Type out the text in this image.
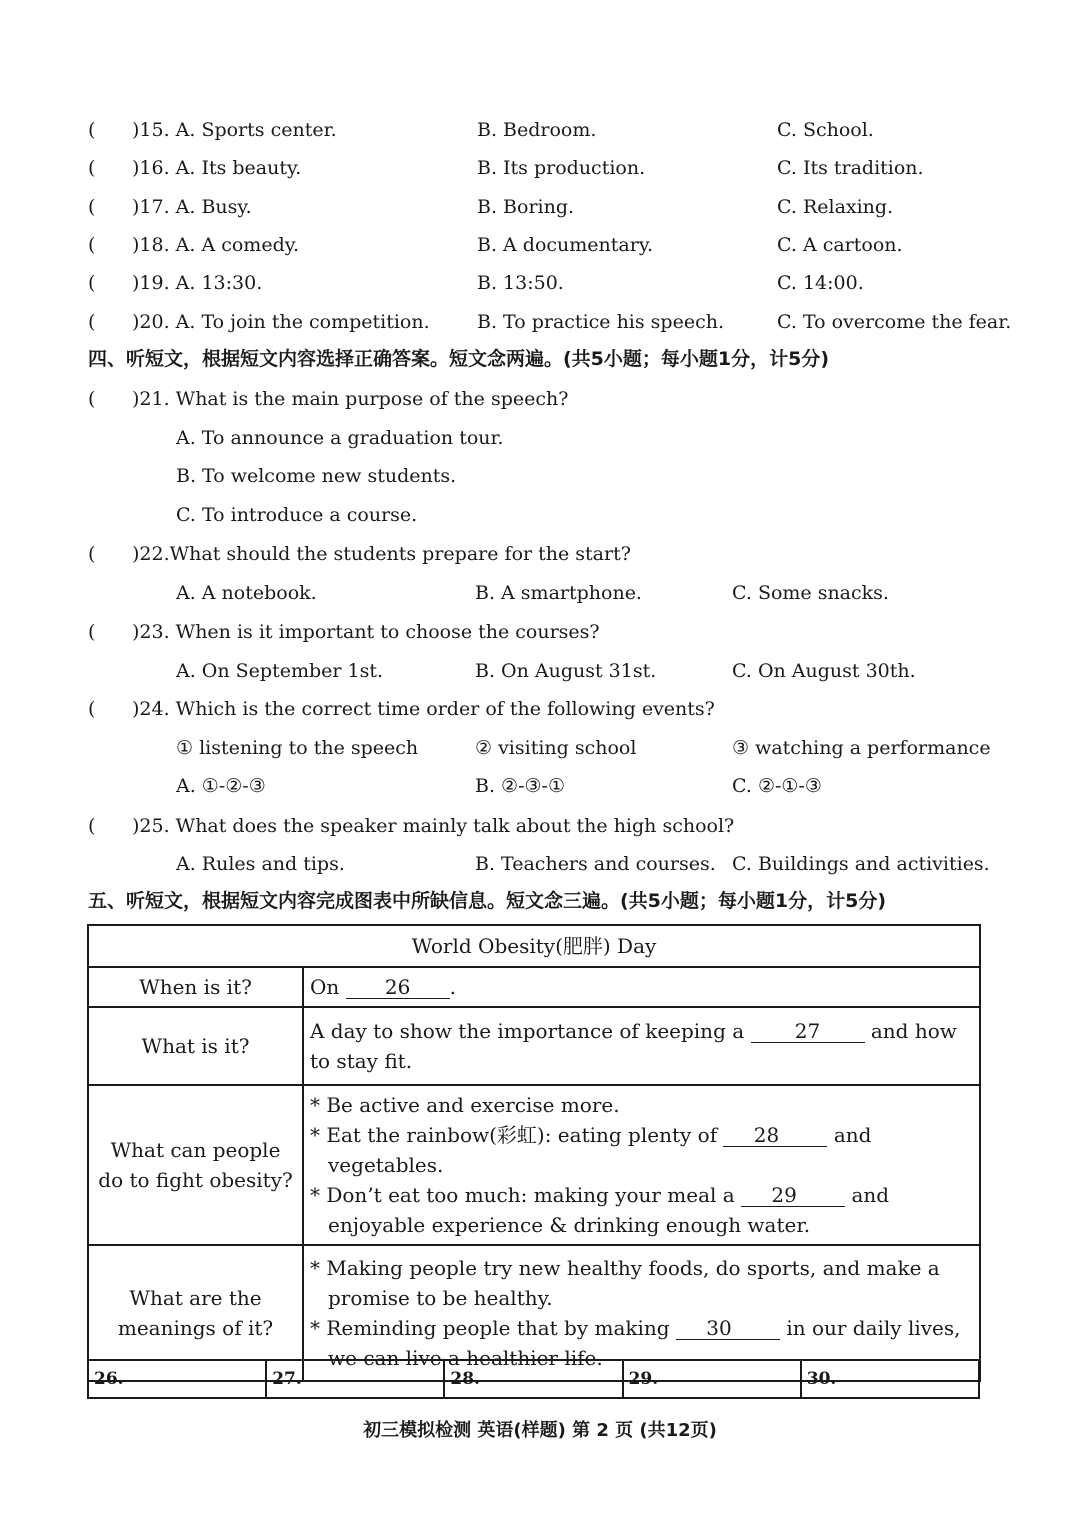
( )15. A. Sports center.	B. Bedroom.	C. School.
( )16. A. Its beauty.	B. Its production.	C. Its tradition.
( )17. A. Busy.	B. Boring.	C. Relaxing.
( )18. A. A comedy.	B. A documentary.	C. A cartoon.
( )19. A. 13:30.	B. 13:50.	C. 14:00.
( )20. A. To join the competition. B. To practice his speech.	C. To overcome the fear.
四、听短文，根据短文内容选择正确答案。短文念两遍。(共5小题；每小题1分，计5分)
( )21. What is the main purpose of the speech?
A. To announce a graduation tour.
B. To welcome new students.
C. To introduce a course.
( )22.What should the students prepare for the start?
A. A notebook.	B. A smartphone.	C. Some snacks.
( )23. When is it important to choose the courses?
A. On September 1st.	B. On August 31st.	C. On August 30th.
( )24. Which is the correct time order of the following events?
① listening to the speech	② visiting school	③ watching a performance
A. ①-②-③	B. ②-③-①	C. ②-①-③
( )25. What does the speaker mainly talk about the high school?
A. Rules and tips.	B. Teachers and courses. C. Buildings and activities.
五、听短文，根据短文内容完成图表中所缺信息。短文念三遍。(共5小题；每小题1分，计5分)
World Obesity(肥胖) Day	
When is it?	On 26 .
What is it?	A day to show the importance of keeping a 27 and how to stay fit.
What can people do to fight obesity?	* Be active and exercise more.
* Eat the rainbow(彩虹): eating plenty of 28 and vegetables.
* Don’t eat too much: making your meal a 29 and enjoyable experience & drinking enough water.

What are the meanings of it?	* Making people try new healthy foods, do sports, and make a promise to be healthy.
* Reminding people that by making 30 in our daily lives, we can live a healthier life.
26.	27.	28.	29.	30.
初三模拟检测 英语(样题) 第 2 页 (共12页)
